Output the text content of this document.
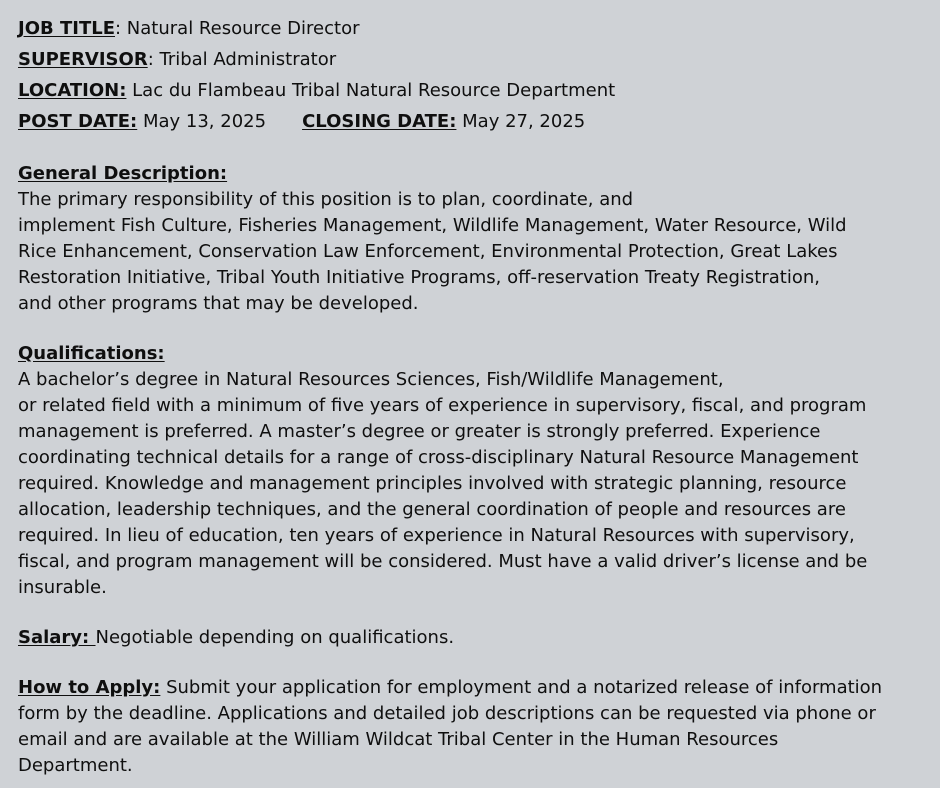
JOB TITLE: Natural Resource Director
SUPERVISOR: Tribal Administrator
LOCATION: Lac du Flambeau Tribal Natural Resource Department
POST DATE: May 13, 2025 CLOSING DATE: May 27, 2025
General Description:
The primary responsibility of this position is to plan, coordinate, and
implement Fish Culture, Fisheries Management, Wildlife Management, Water Resource, Wild
Rice Enhancement, Conservation Law Enforcement, Environmental Protection, Great Lakes
Restoration Initiative, Tribal Youth Initiative Programs, off-reservation Treaty Registration,
and other programs that may be developed.
Qualifications:
A bachelor’s degree in Natural Resources Sciences, Fish/Wildlife Management,
or related field with a minimum of five years of experience in supervisory, fiscal, and program
management is preferred. A master’s degree or greater is strongly preferred. Experience
coordinating technical details for a range of cross-disciplinary Natural Resource Management
required. Knowledge and management principles involved with strategic planning, resource
allocation, leadership techniques, and the general coordination of people and resources are
required. In lieu of education, ten years of experience in Natural Resources with supervisory,
fiscal, and program management will be considered. Must have a valid driver’s license and be
insurable.
Salary: Negotiable depending on qualifications.
How to Apply: Submit your application for employment and a notarized release of information
form by the deadline. Applications and detailed job descriptions can be requested via phone or
email and are available at the William Wildcat Tribal Center in the Human Resources
Department.
